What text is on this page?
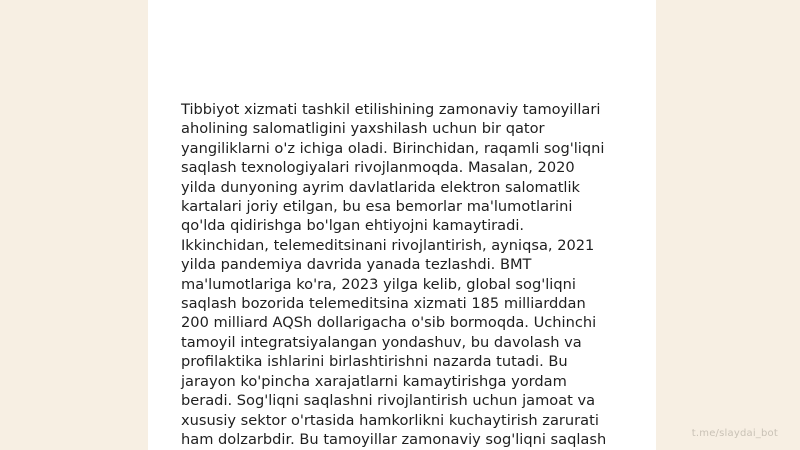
Tibbiyot xizmati tashkil etilishining zamonaviy tamoyillari
aholining salomatligini yaxshilash uchun bir qator
yangiliklarni o'z ichiga oladi. Birinchidan, raqamli sog'liqni
saqlash texnologiyalari rivojlanmoqda. Masalan, 2020
yilda dunyoning ayrim davlatlarida elektron salomatlik
kartalari joriy etilgan, bu esa bemorlar ma'lumotlarini
qo'lda qidirishga bo'lgan ehtiyojni kamaytiradi.
Ikkinchidan, telemeditsinani rivojlantirish, ayniqsa, 2021
yilda pandemiya davrida yanada tezlashdi. BMT
ma'lumotlariga ko'ra, 2023 yilga kelib, global sog'liqni
saqlash bozorida telemeditsina xizmati 185 milliarddan
200 milliard AQSh dollarigacha o'sib bormoqda. Uchinchi
tamoyil integratsiyalangan yondashuv, bu davolash va
profilaktika ishlarini birlashtirishni nazarda tutadi. Bu
jarayon ko'pincha xarajatlarni kamaytirishga yordam
beradi. Sog'liqni saqlashni rivojlantirish uchun jamoat va
xususiy sektor o'rtasida hamkorlikni kuchaytirish zarurati
ham dolzarbdir. Bu tamoyillar zamonaviy sog'liqni saqlash	t.me/slaydai_bot
